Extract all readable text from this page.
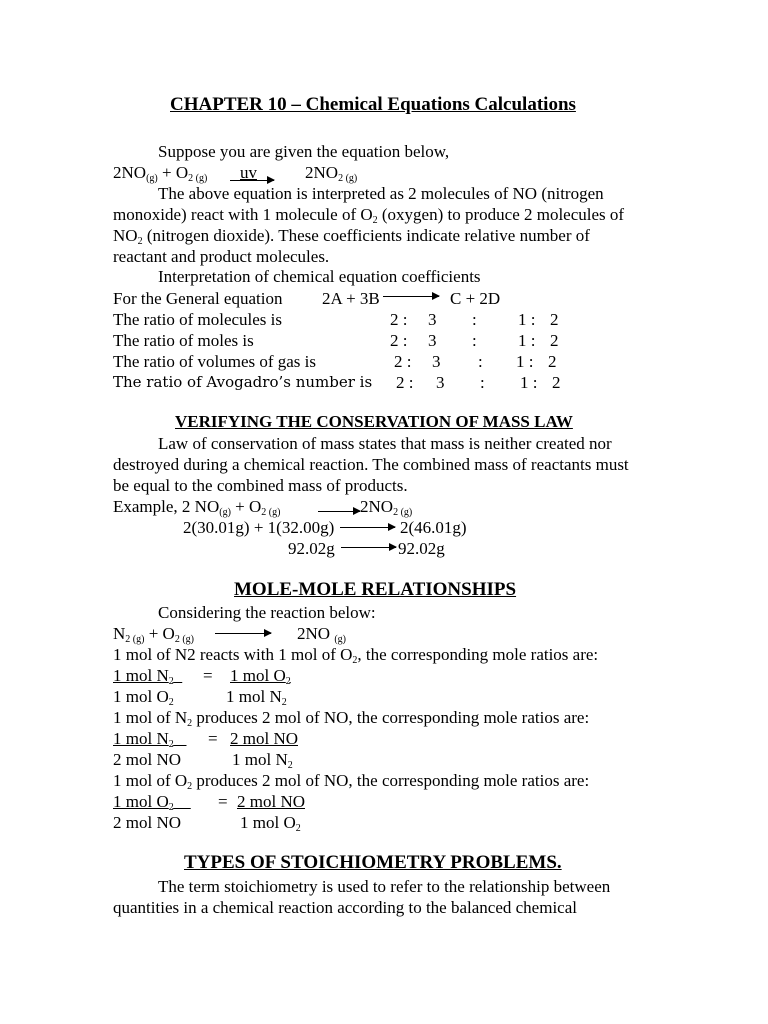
CHAPTER 10 – Chemical Equations Calculations
Suppose you are given the equation below,
$2NO_{(g)} + O_2$ $_{(g)}$ uv	$2NO_2$ $_{(g)}$
The above equation is interpreted as 2 molecules of NO (nitrogen
monoxide) react with 1 molecule of $O_2$ (oxygen) to produce 2 molecules of
$NO_2$ (nitrogen dioxide). These coefficients indicate relative number of
reactant and product molecules.
Interpretation of chemical equation coefficients
For the General equation 2A + 3B	C + 2D
The ratio of molecules is	2 : 3 : 1 : 2
The ratio of moles is	2 : 3 : 1 : 2
The ratio of volumes of gas is	2 : 3 : 1 : 2
The ratio of Avogadro’s number is 2 : 3 : 1 : 2
VERIFYING THE CONSERVATION OF MASS LAW
Law of conservation of mass states that mass is neither created nor
destroyed during a chemical reaction. The combined mass of reactants must
be equal to the combined mass of products.
Example, 2 $NO_{(g)} + O_2$ $_{(g)}$	$2NO_2$ $_{(g)}$
2(30.01g) + 1(32.00g)	2(46.01g)
92.02g	92.02g
MOLE-MOLE RELATIONSHIPS
Considering the reaction below:
$N_2$ $_{(g)} + O_2$ $_{(g)}$	2NO $_{(g)}$
1 mol of N2 reacts with 1 mol of $O_2$, the corresponding mole ratios are:
1 mol $N_2$	= 1 mol $O_2$
1 mol $O_2$	1 mol $N_2$
1 mol of $N_2$ produces 2 mol of NO, the corresponding mole ratios are:
1 mol $N_2$	= 2 mol NO
2 mol NO	1 mol $N_2$
1 mol of $O_2$ produces 2 mol of NO, the corresponding mole ratios are:
1 mol $O_2$	= 2 mol NO
2 mol NO	1 mol $O_2$
TYPES OF STOICHIOMETRY PROBLEMS.
The term stoichiometry is used to refer to the relationship between
quantities in a chemical reaction according to the balanced chemical
